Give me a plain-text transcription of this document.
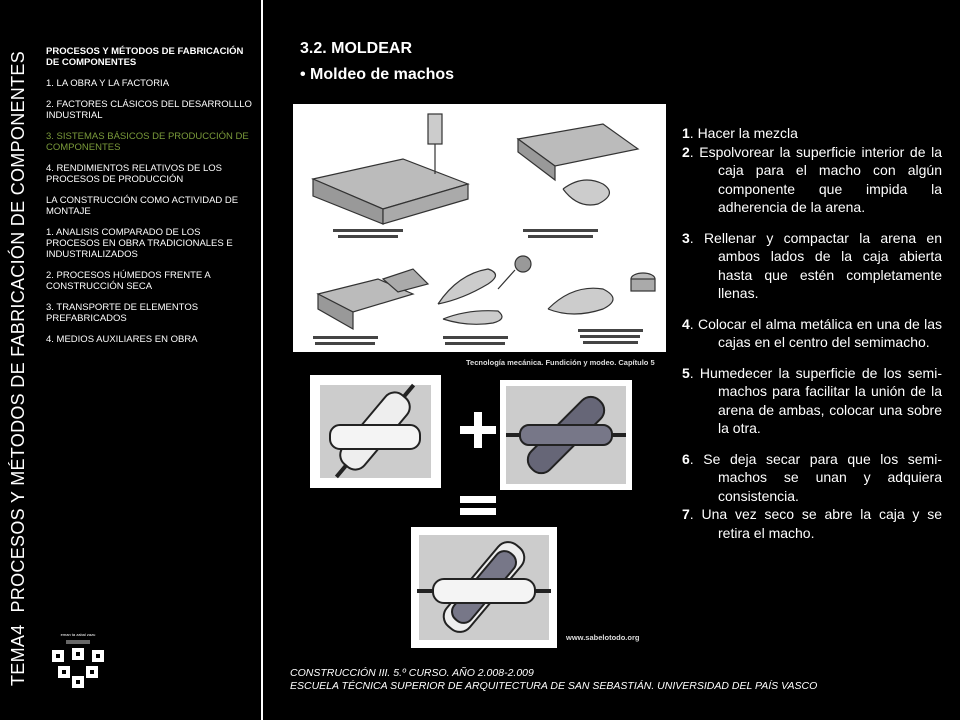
TEMA4PROCESOS Y MÉTODOS DE FABRICACIÓN DE COMPONENTES PROCESOS Y MÉTODOS DE FABRICACIÓN
DE COMPONENTES
1. LA OBRA Y LA FACTORIA
2. FACTORES CLÁSICOS DEL DESARROLLLO INDUSTRIAL
3. SISTEMAS BÁSICOS DE PRODUCCIÓN DE COMPONENTES
4. RENDIMIENTOS RELATIVOS DE LOS PROCESOS DE PRODUCCIÓN
LA CONSTRUCCIÓN COMO ACTIVIDAD DE MONTAJE
1. ANALISIS COMPARADO DE LOS PROCESOS EN OBRA TRADICIONALES E INDUSTRIALIZADOS
2. PROCESOS HÚMEDOS FRENTE A CONSTRUCCIÓN SECA
3. TRANSPORTE DE ELEMENTOS PREFABRICADOS
4. MEDIOS AUXILIARES EN OBRA
eman ta zabal zazu
3.2. MOLDEAR
• Moldeo de machos
Tecnología mecánica. Fundición y modeo. Capítulo 5
+
=
www.sabelotodo.org
1. Hacer la mezcla
2. Espolvorear la superficie interior de la caja para el macho con algún componente que impida la adherencia de la arena.
3. Rellenar y compactar la arena en ambos lados de la caja abierta hasta que estén completamente llenas.
4. Colocar el alma metálica en una de las cajas en el centro del semimacho.
5. Humedecer la superficie de los semi-machos para facilitar la unión de la arena de ambas, colocar una sobre la otra.
6. Se deja secar para que los semi-machos se unan y adquiera consistencia.
7. Una vez seco se abre la caja y se retira el macho.
CONSTRUCCIÓN III. 5.º CURSO. AÑO 2.008-2.009
ESCUELA TÉCNICA SUPERIOR DE ARQUITECTURA DE SAN SEBASTIÁN. UNIVERSIDAD DEL PAÍS VASCO
